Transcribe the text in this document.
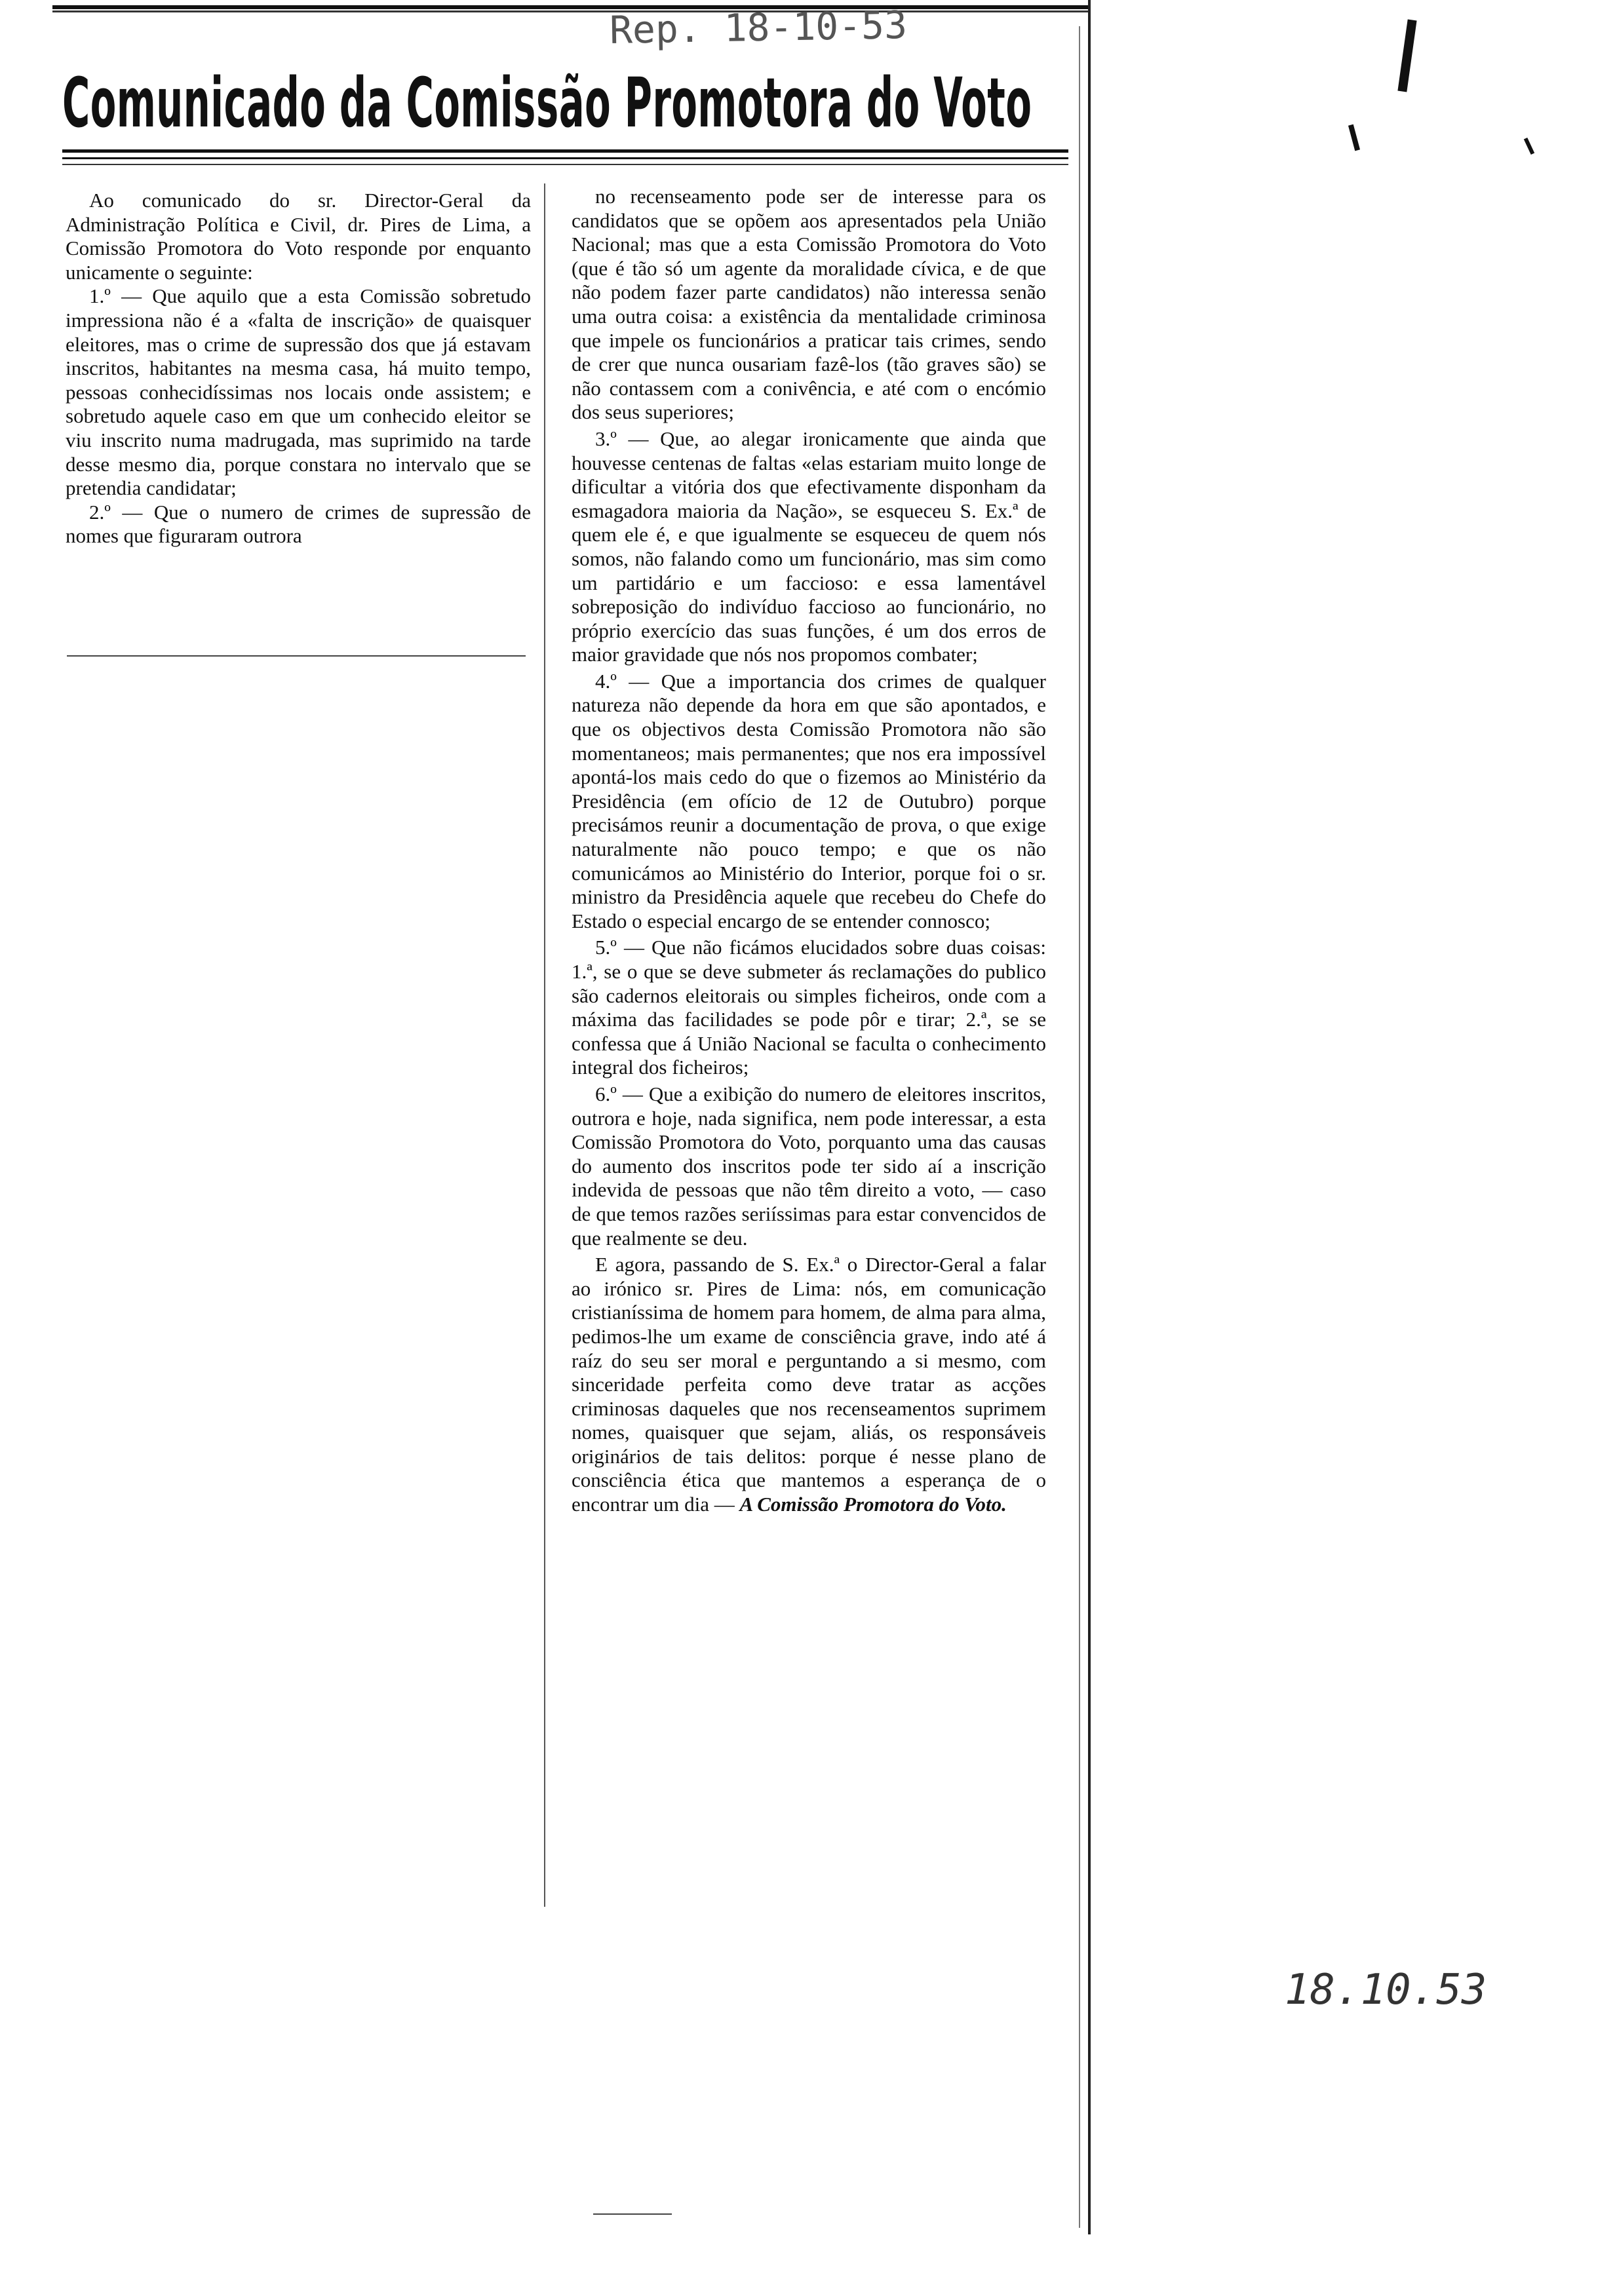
Rep. 18-10-53
Comunicado da Comissão Promotora do Voto

Ao comunicado do sr. Director-Geral da Administração Política e Civil, dr. Pires de Lima, a Comissão Promotora do Voto responde por enquanto unicamente o seguinte:

1.º — Que aquilo que a esta Comissão sobretudo impressiona não é a «falta de inscrição» de quaisquer eleitores, mas o crime de supressão dos que já estavam inscritos, habitantes na mesma casa, há muito tempo, pessoas conhecidíssimas nos locais onde assistem; e sobretudo aquele caso em que um conhecido eleitor se viu inscrito numa madrugada, mas suprimido na tarde desse mesmo dia, porque constara no intervalo que se pretendia candidatar;

2.º — Que o numero de crimes de supressão de nomes que figuraram outrora

no recenseamento pode ser de interesse para os candidatos que se opõem aos apresentados pela União Nacional; mas que a esta Comissão Promotora do Voto (que é tão só um agente da moralidade cívica, e de que não podem fazer parte candidatos) não interessa senão uma outra coisa: a existência da mentalidade criminosa que impele os funcionários a praticar tais crimes, sendo de crer que nunca ousariam fazê-los (tão graves são) se não contassem com a conivência, e até com o encómio dos seus superiores;

3.º — Que, ao alegar ironicamente que ainda que houvesse centenas de faltas «elas estariam muito longe de dificultar a vitória dos que efectivamente disponham da esmagadora maioria da Nação», se esqueceu S. Ex.ª de quem ele é, e que igualmente se esqueceu de quem nós somos, não falando como um funcionário, mas sim como um partidário e um faccioso: e essa lamentável sobreposição do indivíduo faccioso ao funcionário, no próprio exercício das suas funções, é um dos erros de maior gravidade que nós nos propomos combater;

4.º — Que a importancia dos crimes de qualquer natureza não depende da hora em que são apontados, e que os objectivos desta Comissão Promotora não são momentaneos; mais permanentes; que nos era impossível apontá-los mais cedo do que o fizemos ao Ministério da Presidência (em ofício de 12 de Outubro) porque precisámos reunir a documentação de prova, o que exige naturalmente não pouco tempo; e que os não comunicámos ao Ministério do Interior, porque foi o sr. ministro da Presidência aquele que recebeu do Chefe do Estado o especial encargo de se entender connosco;

5.º — Que não ficámos elucidados sobre duas coisas: 1.ª, se o que se deve submeter ás reclamações do publico são cadernos eleitorais ou simples ficheiros, onde com a máxima das facilidades se pode pôr e tirar; 2.ª, se se confessa que á União Nacional se faculta o conhecimento integral dos ficheiros;

6.º — Que a exibição do numero de eleitores inscritos, outrora e hoje, nada significa, nem pode interessar, a esta Comissão Promotora do Voto, porquanto uma das causas do aumento dos inscritos pode ter sido aí a inscrição indevida de pessoas que não têm direito a voto, — caso de que temos razões seriíssimas para estar convencidos de que realmente se deu.

E agora, passando de S. Ex.ª o Director-Geral a falar ao irónico sr. Pires de Lima: nós, em comunicação cristianíssima de homem para homem, de alma para alma, pedimos-lhe um exame de consciência grave, indo até á raíz do seu ser moral e perguntando a si mesmo, com sinceridade perfeita como deve tratar as acções criminosas daqueles que nos recenseamentos suprimem nomes, quaisquer que sejam, aliás, os responsáveis originários de tais delitos: porque é nesse plano de consciência ética que mantemos a esperança de o encontrar um dia — A Comissão Promotora do Voto.

18.10.53
